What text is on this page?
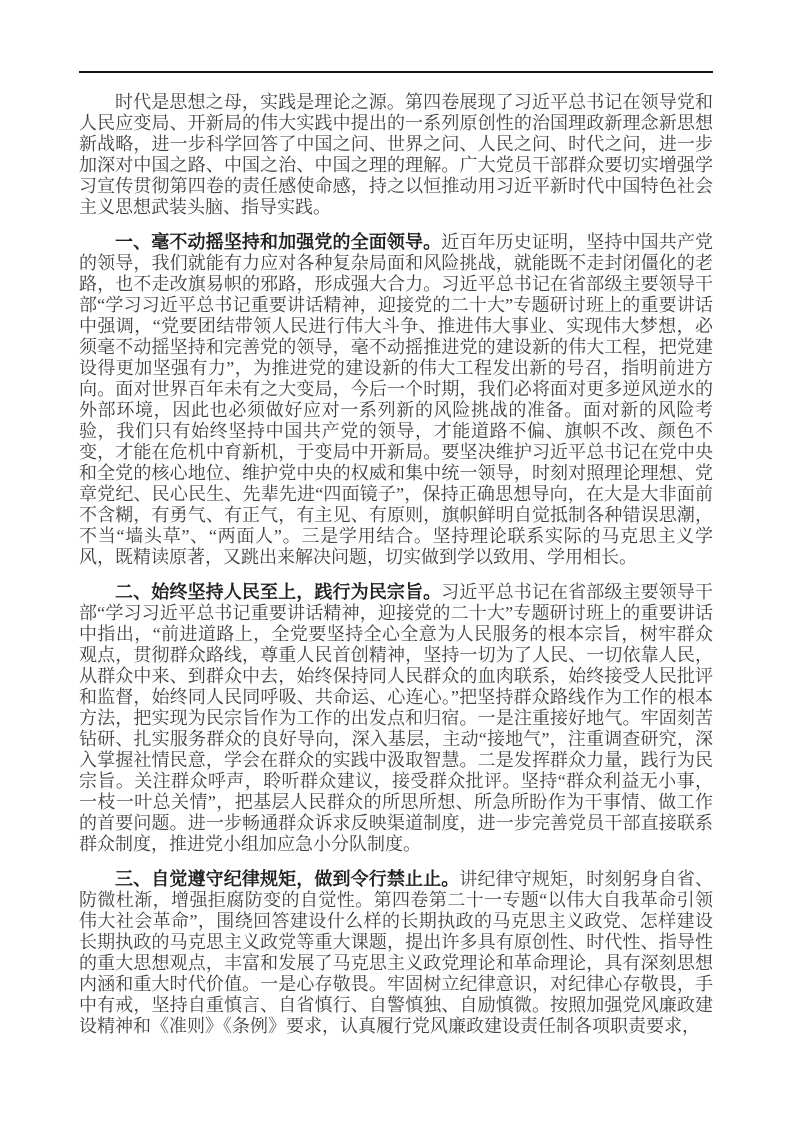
时代是思想之母，实践是理论之源。第四卷展现了习近平总书记在领导党和人民应变局、开新局的伟大实践中提出的一系列原创性的治国理政新理念新思想新战略，进一步科学回答了中国之问、世界之问、人民之问、时代之问，进一步加深对中国之路、中国之治、中国之理的理解。广大党员干部群众要切实增强学习宣传贯彻第四卷的责任感使命感，持之以恒推动用习近平新时代中国特色社会主义思想武装头脑、指导实践。

一、毫不动摇坚持和加强党的全面领导。近百年历史证明，坚持中国共产党的领导，我们就能有力应对各种复杂局面和风险挑战，就能既不走封闭僵化的老路，也不走改旗易帜的邪路，形成强大合力。习近平总书记在省部级主要领导干部“学习习近平总书记重要讲话精神，迎接党的二十大”专题研讨班上的重要讲话中强调，“党要团结带领人民进行伟大斗争、推进伟大事业、实现伟大梦想，必须毫不动摇坚持和完善党的领导，毫不动摇推进党的建设新的伟大工程，把党建设得更加坚强有力”，为推进党的建设新的伟大工程发出新的号召，指明前进方向。面对世界百年未有之大变局，今后一个时期，我们必将面对更多逆风逆水的外部环境，因此也必须做好应对一系列新的风险挑战的准备。面对新的风险考验，我们只有始终坚持中国共产党的领导，才能道路不偏、旗帜不改、颜色不变，才能在危机中育新机，于变局中开新局。要坚决维护习近平总书记在党中央和全党的核心地位、维护党中央的权威和集中统一领导，时刻对照理论理想、党章党纪、民心民生、先辈先进“四面镜子”，保持正确思想导向，在大是大非面前不含糊，有勇气、有正气，有主见、有原则，旗帜鲜明自觉抵制各种错误思潮，不当“墙头草”、“两面人”。三是学用结合。坚持理论联系实际的马克思主义学风，既精读原著，又跳出来解决问题，切实做到学以致用、学用相长。

二、始终坚持人民至上，践行为民宗旨。习近平总书记在省部级主要领导干部“学习习近平总书记重要讲话精神，迎接党的二十大”专题研讨班上的重要讲话中指出，“前进道路上，全党要坚持全心全意为人民服务的根本宗旨，树牢群众观点，贯彻群众路线，尊重人民首创精神，坚持一切为了人民、一切依靠人民，从群众中来、到群众中去，始终保持同人民群众的血肉联系，始终接受人民批评和监督，始终同人民同呼吸、共命运、心连心。”把坚持群众路线作为工作的根本方法，把实现为民宗旨作为工作的出发点和归宿。一是注重接好地气。牢固刻苦钻研、扎实服务群众的良好导向，深入基层，主动“接地气”，注重调查研究，深入掌握社情民意，学会在群众的实践中汲取智慧。二是发挥群众力量，践行为民宗旨。关注群众呼声，聆听群众建议，接受群众批评。坚持“群众利益无小事，一枝一叶总关情”，把基层人民群众的所思所想、所急所盼作为干事情、做工作的首要问题。进一步畅通群众诉求反映渠道制度，进一步完善党员干部直接联系群众制度，推进党小组加应急小分队制度。

三、自觉遵守纪律规矩，做到令行禁止止。讲纪律守规矩，时刻躬身自省、防微杜渐，增强拒腐防变的自觉性。第四卷第二十一专题“以伟大自我革命引领伟大社会革命”，围绕回答建设什么样的长期执政的马克思主义政党、怎样建设长期执政的马克思主义政党等重大课题，提出许多具有原创性、时代性、指导性的重大思想观点，丰富和发展了马克思主义政党理论和革命理论，具有深刻思想内涵和重大时代价值。一是心存敬畏。牢固树立纪律意识，对纪律心存敬畏，手中有戒，坚持自重慎言、自省慎行、自警慎独、自励慎微。按照加强党风廉政建设精神和《准则》《条例》要求，认真履行党风廉政建设责任制各项职责要求，
